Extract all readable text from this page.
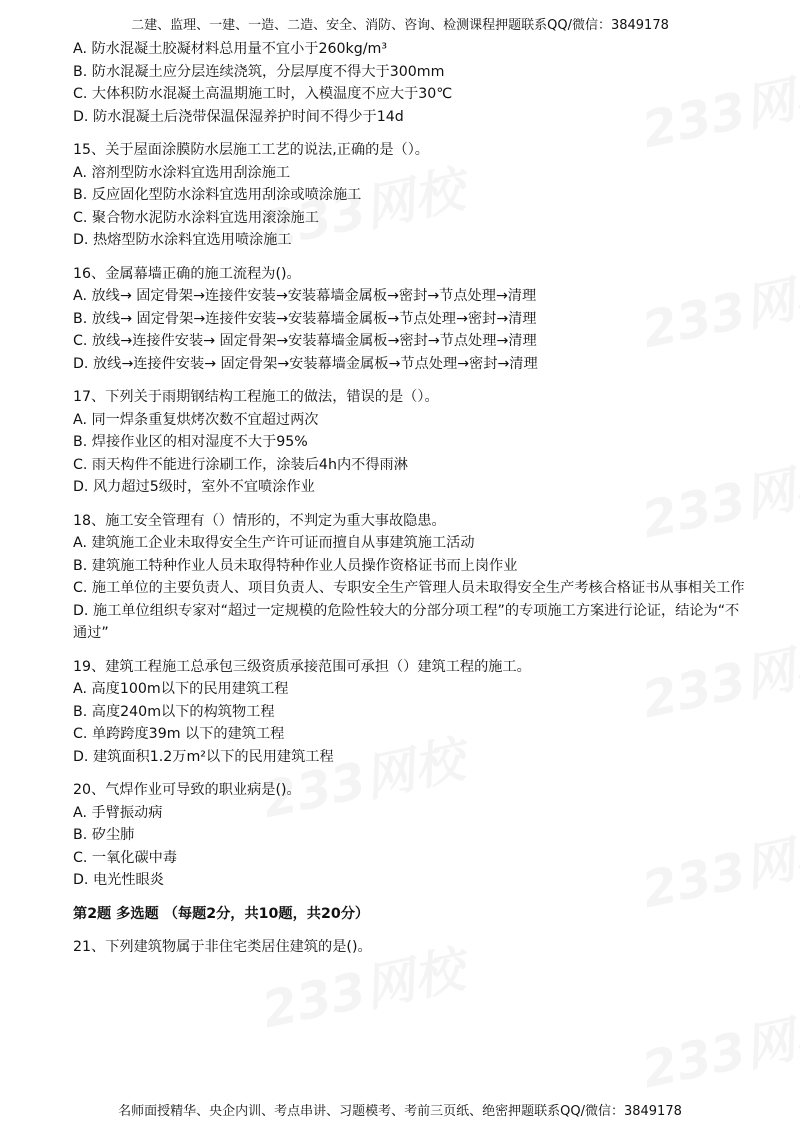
二建、监理、一建、一造、二造、安全、消防、咨询、检测课程押题联系QQ/微信：3849178
A. 防水混凝土胶凝材料总用量不宜小于260kg/m³
B. 防水混凝土应分层连续浇筑，分层厚度不得大于300mm
C. 大体积防水混凝土高温期施工时，入模温度不应大于30℃
D. 防水混凝土后浇带保温保湿养护时间不得少于14d
15、关于屋面涂膜防水层施工工艺的说法,正确的是（）。
A. 溶剂型防水涂料宜选用刮涂施工
B. 反应固化型防水涂料宜选用刮涂或喷涂施工
C. 聚合物水泥防水涂料宜选用滚涂施工
D. 热熔型防水涂料宜选用喷涂施工
16、金属幕墙正确的施工流程为()。
A. 放线→ 固定骨架→连接件安装→安装幕墙金属板→密封→节点处理→清理
B. 放线→ 固定骨架→连接件安装→安装幕墙金属板→节点处理→密封→清理
C. 放线→连接件安装→ 固定骨架→安装幕墙金属板→密封→节点处理→清理
D. 放线→连接件安装→ 固定骨架→安装幕墙金属板→节点处理→密封→清理
17、下列关于雨期钢结构工程施工的做法，错误的是（）。
A. 同一焊条重复烘烤次数不宜超过两次
B. 焊接作业区的相对湿度不大于95%
C. 雨天构件不能进行涂刷工作，涂装后4h内不得雨淋
D. 风力超过5级时，室外不宜喷涂作业
18、施工安全管理有（）情形的，不判定为重大事故隐患。
A. 建筑施工企业未取得安全生产许可证而擅自从事建筑施工活动
B. 建筑施工特种作业人员未取得特种作业人员操作资格证书而上岗作业
C. 施工单位的主要负责人、项目负责人、专职安全生产管理人员未取得安全生产考核合格证书从事相关工作
D. 施工单位组织专家对“超过一定规模的危险性较大的分部分项工程”的专项施工方案进行论证，结论为“不通过”
19、建筑工程施工总承包三级资质承接范围可承担（）建筑工程的施工。
A. 高度100m以下的民用建筑工程
B. 高度240m以下的构筑物工程
C. 单跨跨度39m 以下的建筑工程
D. 建筑面积1.2万m²以下的民用建筑工程
20、气焊作业可导致的职业病是()。
A. 手臂振动病
B. 矽尘肺
C. 一氧化碳中毒
D. 电光性眼炎
第2题 多选题 （每题2分，共10题，共20分）
21、下列建筑物属于非住宅类居住建筑的是()。
名师面授精华、央企内训、考点串讲、习题模考、考前三页纸、绝密押题联系QQ/微信：3849178
